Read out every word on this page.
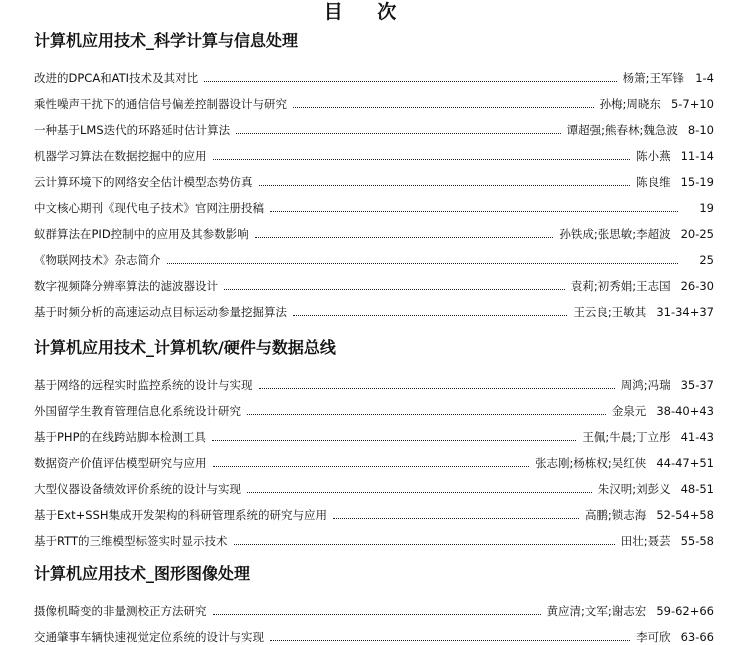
目 次
计算机应用技术_科学计算与信息处理
改进的DPCA和ATI技术及其对比	杨箫;王军锋 1-4
乘性噪声干扰下的通信信号偏差控制器设计与研究	孙梅;周晓东 5-7+10
一种基于LMS迭代的环路延时估计算法	谭超强;熊春林;魏急波 8-10
机器学习算法在数据挖掘中的应用	陈小燕 11-14
云计算环境下的网络安全估计模型态势仿真	陈良维 15-19
中文核心期刊《现代电子技术》官网注册投稿	19
蚁群算法在PID控制中的应用及其参数影响	孙铁成;张思敏;李超波 20-25
《物联网技术》杂志简介	25
数字视频降分辨率算法的滤波器设计	袁莉;初秀娟;王志国 26-30
基于时频分析的高速运动点目标运动参量挖掘算法	王云良;王敏其 31-34+37
计算机应用技术_计算机软/硬件与数据总线
基于网络的远程实时监控系统的设计与实现	周鸿;冯瑞 35-37
外国留学生教育管理信息化系统设计研究	金泉元 38-40+43
基于PHP的在线跨站脚本检测工具	王佩;牛晨;丁立彤 41-43
数据资产价值评估模型研究与应用	张志刚;杨栋权;吴红侠 44-47+51
大型仪器设备绩效评价系统的设计与实现	朱汉明;刘彭义 48-51
基于Ext+SSH集成开发架构的科研管理系统的研究与应用	高鹏;锁志海 52-54+58
基于RTT的三维模型标签实时显示技术	田壮;聂芸 55-58
计算机应用技术_图形图像处理
摄像机畸变的非量测校正方法研究	黄应清;文军;谢志宏 59-62+66
交通肇事车辆快速视觉定位系统的设计与实现	李可欣 63-66
